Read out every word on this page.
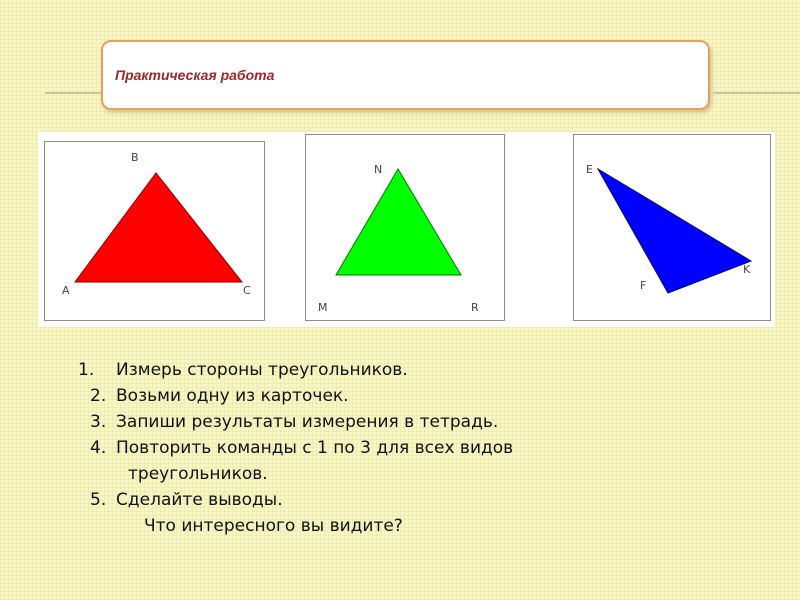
Практическая работа
B
A	C
N
M	R
E
K
F
1. Измерь стороны треугольников.
2. Возьми одну из карточек.
3. Запиши результаты измерения в тетрадь.
4. Повторить команды с 1 по 3 для всех видов
треугольников.
5. Сделайте выводы.
Что интересного вы видите?
